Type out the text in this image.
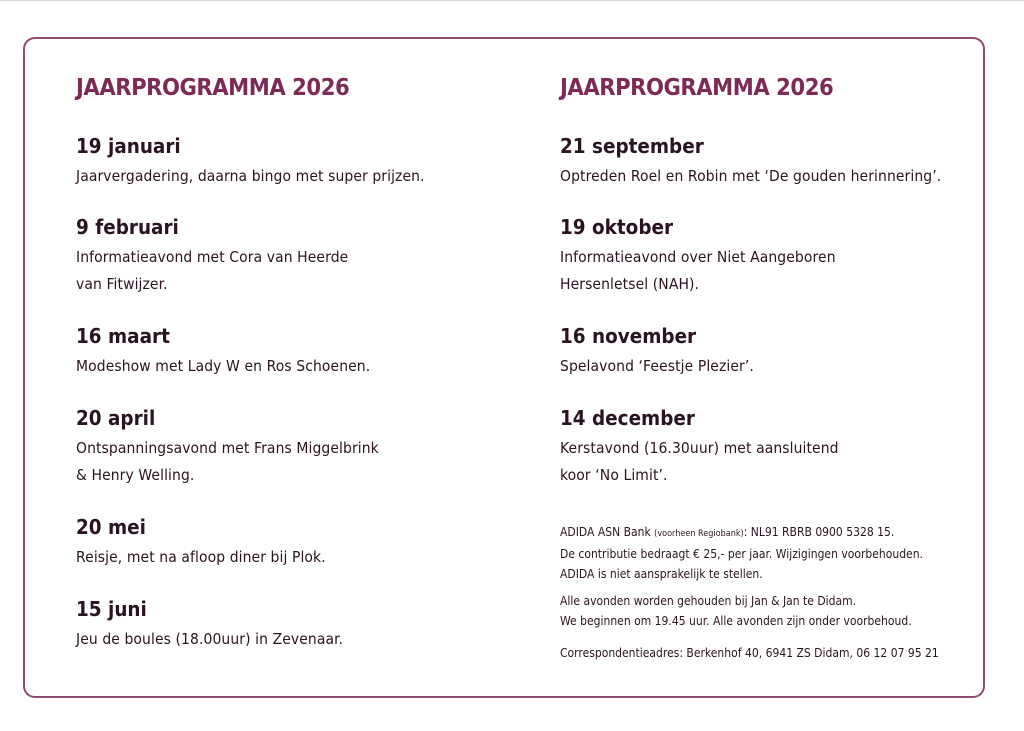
JAARPROGRAMMA 2026

19 januari

Jaarvergadering, daarna bingo met super prijzen.

9 februari

Informatieavond met Cora van Heerde
van Fitwijzer.

16 maart

Modeshow met Lady W en Ros Schoenen.

20 april

Ontspanningsavond met Frans Miggelbrink
& Henry Welling.

20 mei

Reisje, met na afloop diner bij Plok.

15 juni

Jeu de boules (18.00uur) in Zevenaar.

JAARPROGRAMMA 2026

21 september

Optreden Roel en Robin met ‘De gouden herinnering’.

19 oktober

Informatieavond over Niet Aangeboren
Hersenletsel (NAH).

16 november

Spelavond ‘Feestje Plezier’.

14 december

Kerstavond (16.30uur) met aansluitend
koor ‘No Limit’.

ADIDA ASN Bank (voorheen Regiobank): NL91 RBRB 0900 5328 15.
De contributie bedraagt € 25,- per jaar. Wijzigingen voorbehouden.
ADIDA is niet aansprakelijk te stellen.
Alle avonden worden gehouden bij Jan & Jan te Didam.
We beginnen om 19.45 uur. Alle avonden zijn onder voorbehoud.
Correspondentieadres: Berkenhof 40, 6941 ZS Didam, 06 12 07 95 21
